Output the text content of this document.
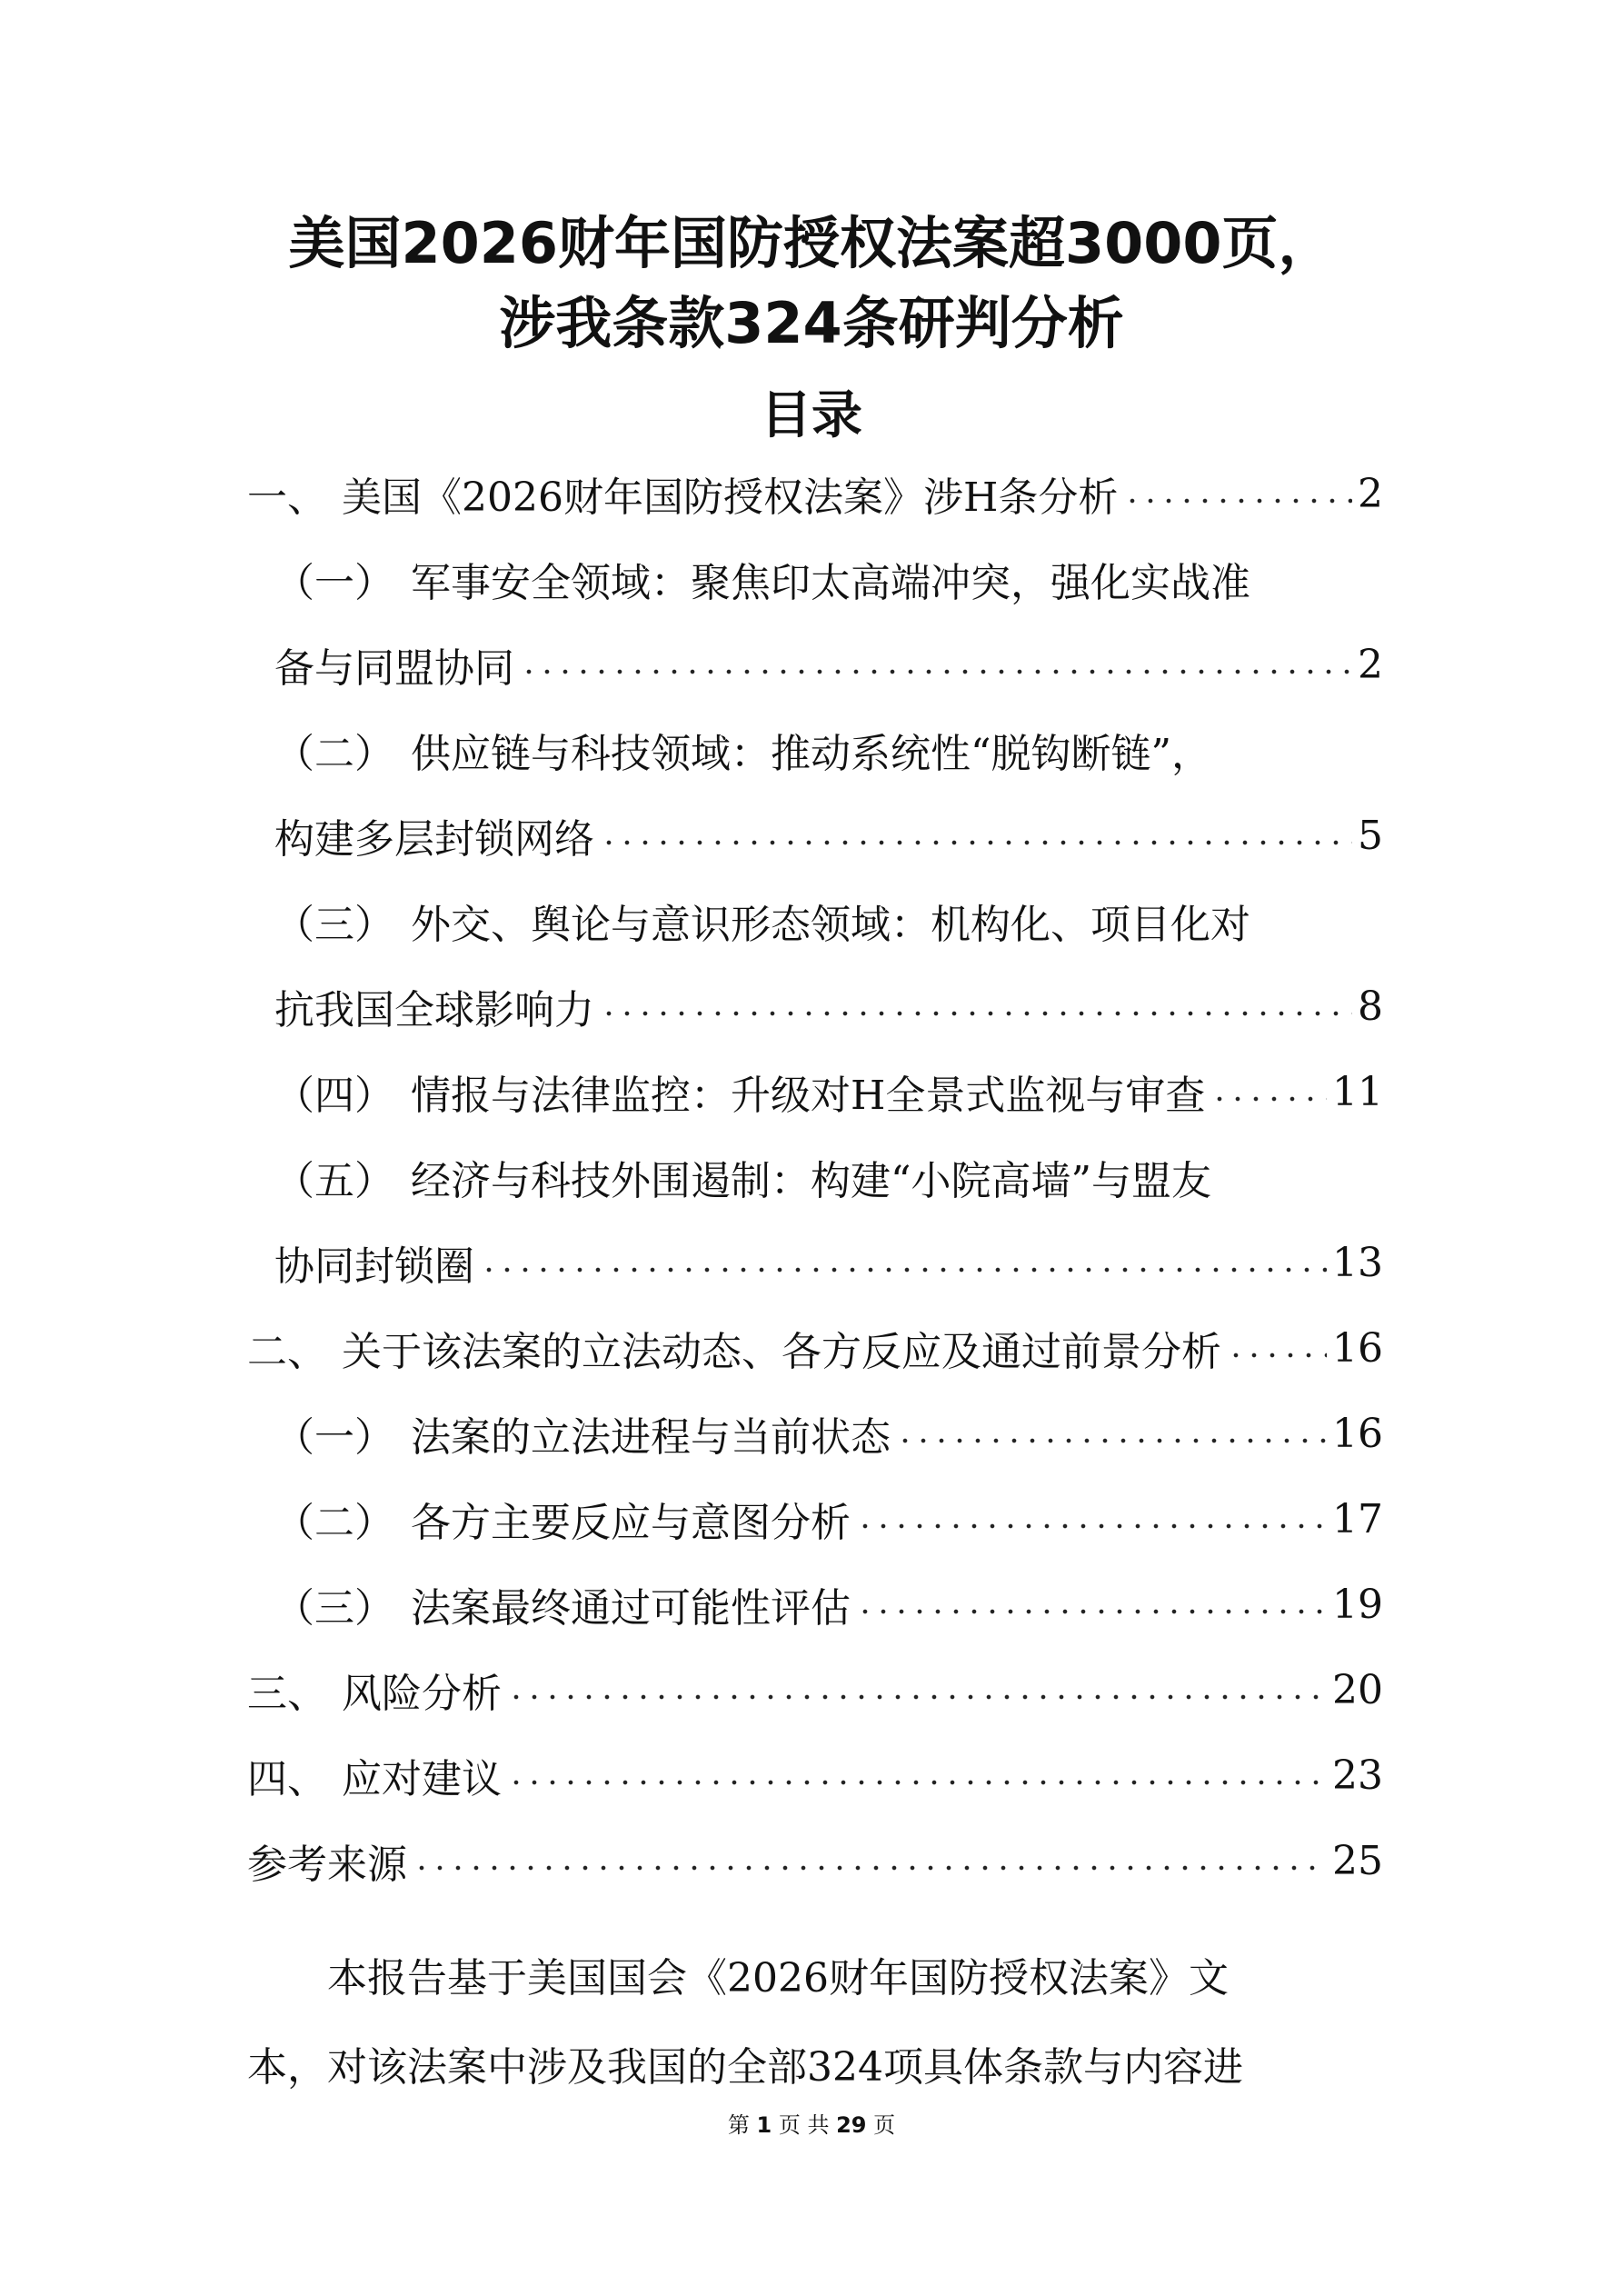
美国2026财年国防授权法案超3000页，
涉我条款324条研判分析
目录
一、 美国《2026财年国防授权法案》涉H条分析	2
（一） 军事安全领域：聚焦印太高端冲突，强化实战准
备与同盟协同	2
（二） 供应链与科技领域：推动系统性“脱钩断链”，
构建多层封锁网络	5
（三） 外交、舆论与意识形态领域：机构化、项目化对
抗我国全球影响力	8
（四） 情报与法律监控：升级对H全景式监视与审查	11
（五） 经济与科技外围遏制：构建“小院高墙”与盟友
协同封锁圈	13
二、 关于该法案的立法动态、各方反应及通过前景分析	16
（一） 法案的立法进程与当前状态	16
（二） 各方主要反应与意图分析	17
（三） 法案最终通过可能性评估	19
三、 风险分析	20
四、 应对建议	23
参考来源	25
本报告基于美国国会《2026财年国防授权法案》文
本，对该法案中涉及我国的全部324项具体条款与内容进
第 1 页 共 29 页
